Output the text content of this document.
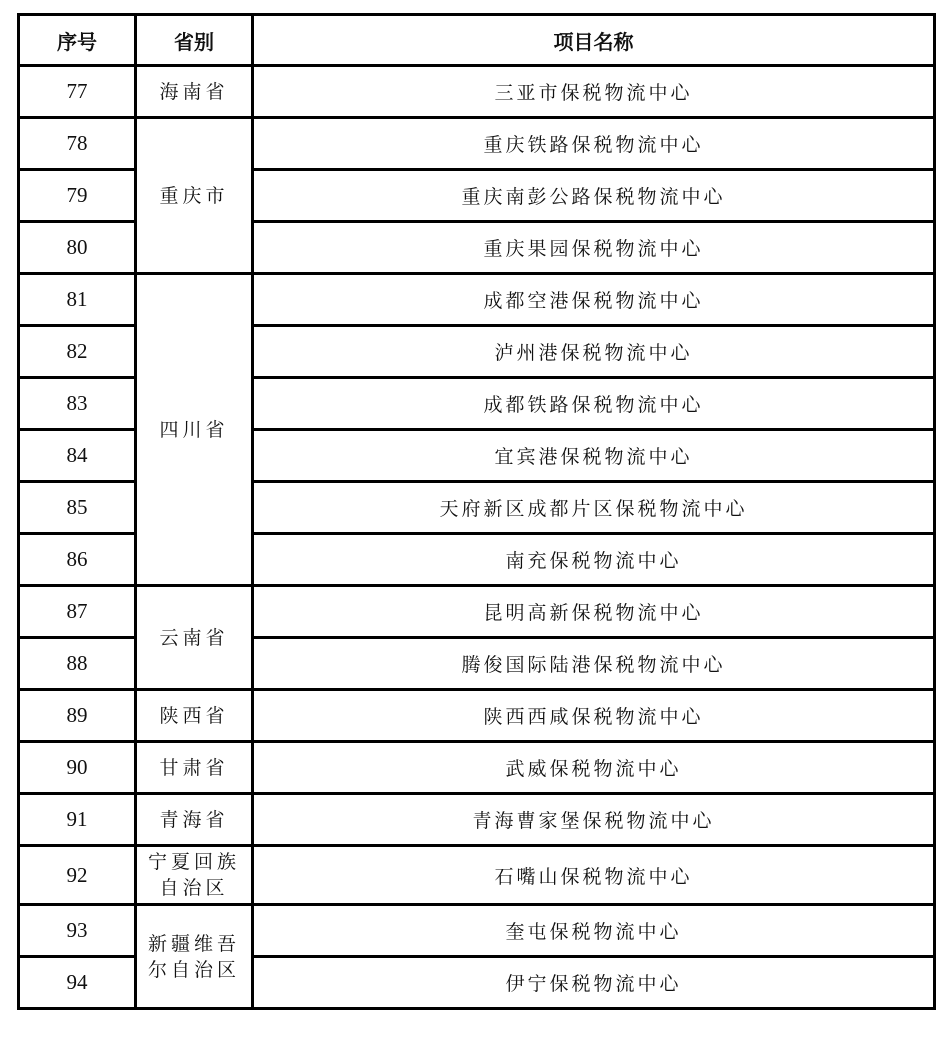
序号	省别	项目名称
77	海南省	三亚市保税物流中心
78	重庆市	重庆铁路保税物流中心
79		重庆南彭公路保税物流中心
80		重庆果园保税物流中心
81	四川省	成都空港保税物流中心
82		泸州港保税物流中心
83		成都铁路保税物流中心
84		宜宾港保税物流中心
85		天府新区成都片区保税物流中心
86		南充保税物流中心
87	云南省	昆明高新保税物流中心
88		腾俊国际陆港保税物流中心
89	陕西省	陕西西咸保税物流中心
90	甘肃省	武威保税物流中心
91	青海省	青海曹家堡保税物流中心
92	宁夏回族自治区	石嘴山保税物流中心
93	新疆维吾尔自治区	奎屯保税物流中心
94		伊宁保税物流中心
